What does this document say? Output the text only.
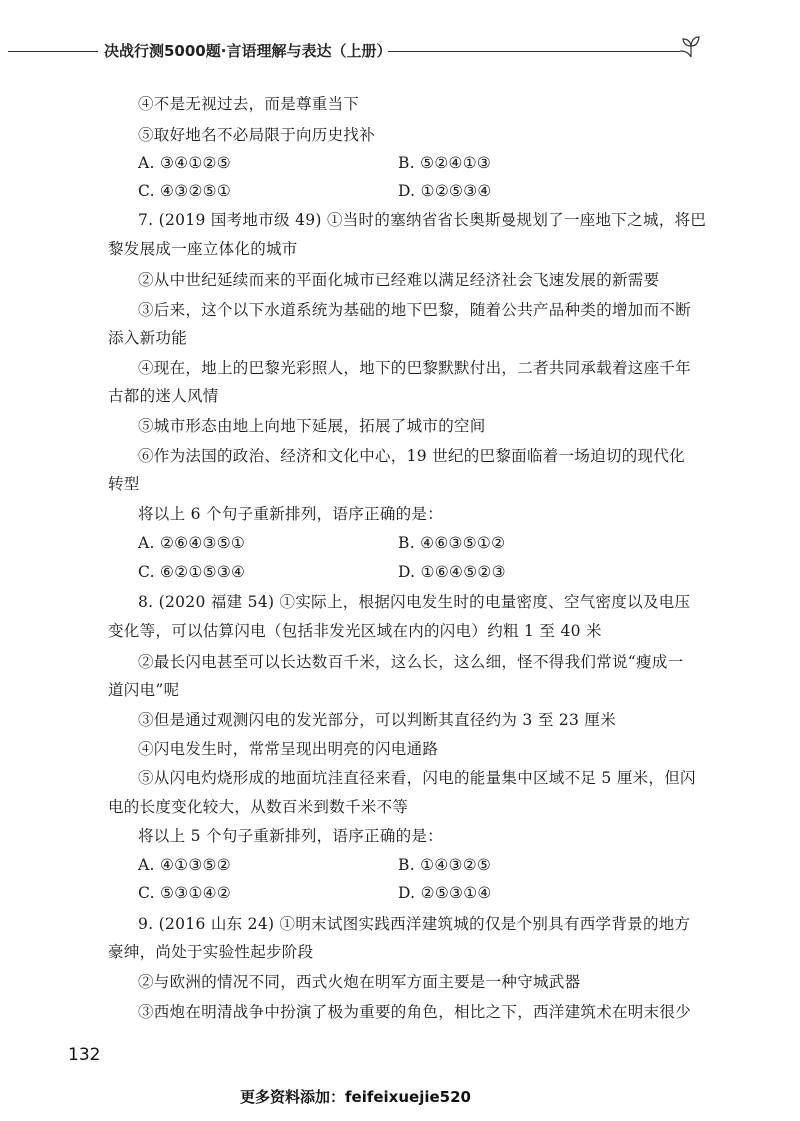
决战行测5000题·言语理解与表达（上册）
④不是无视过去，而是尊重当下
⑤取好地名不必局限于向历史找补
A. ③④①②⑤	B. ⑤②④①③
C. ④③②⑤①	D. ①②⑤③④
7. (2019 国考地市级 49) ①当时的塞纳省省长奥斯曼规划了一座地下之城，将巴
黎发展成一座立体化的城市
②从中世纪延续而来的平面化城市已经难以满足经济社会飞速发展的新需要
③后来，这个以下水道系统为基础的地下巴黎，随着公共产品种类的增加而不断
添入新功能
④现在，地上的巴黎光彩照人，地下的巴黎默默付出，二者共同承载着这座千年
古都的迷人风情
⑤城市形态由地上向地下延展，拓展了城市的空间
⑥作为法国的政治、经济和文化中心，19 世纪的巴黎面临着一场迫切的现代化
转型
将以上 6 个句子重新排列，语序正确的是：
A. ②⑥④③⑤①	B. ④⑥③⑤①②
C. ⑥②①⑤③④	D. ①⑥④⑤②③
8. (2020 福建 54) ①实际上，根据闪电发生时的电量密度、空气密度以及电压
变化等，可以估算闪电（包括非发光区域在内的闪电）约粗 1 至 40 米
②最长闪电甚至可以长达数百千米，这么长，这么细，怪不得我们常说“瘦成一
道闪电”呢
③但是通过观测闪电的发光部分，可以判断其直径约为 3 至 23 厘米
④闪电发生时，常常呈现出明亮的闪电通路
⑤从闪电灼烧形成的地面坑洼直径来看，闪电的能量集中区域不足 5 厘米，但闪
电的长度变化较大，从数百米到数千米不等
将以上 5 个句子重新排列，语序正确的是：
A. ④①③⑤②	B. ①④③②⑤
C. ⑤③①④②	D. ②⑤③①④
9. (2016 山东 24) ①明末试图实践西洋建筑城的仅是个别具有西学背景的地方
豪绅，尚处于实验性起步阶段
②与欧洲的情况不同，西式火炮在明军方面主要是一种守城武器
③西炮在明清战争中扮演了极为重要的角色，相比之下，西洋建筑术在明末很少
132
更多资料添加：feifeixuejie520
